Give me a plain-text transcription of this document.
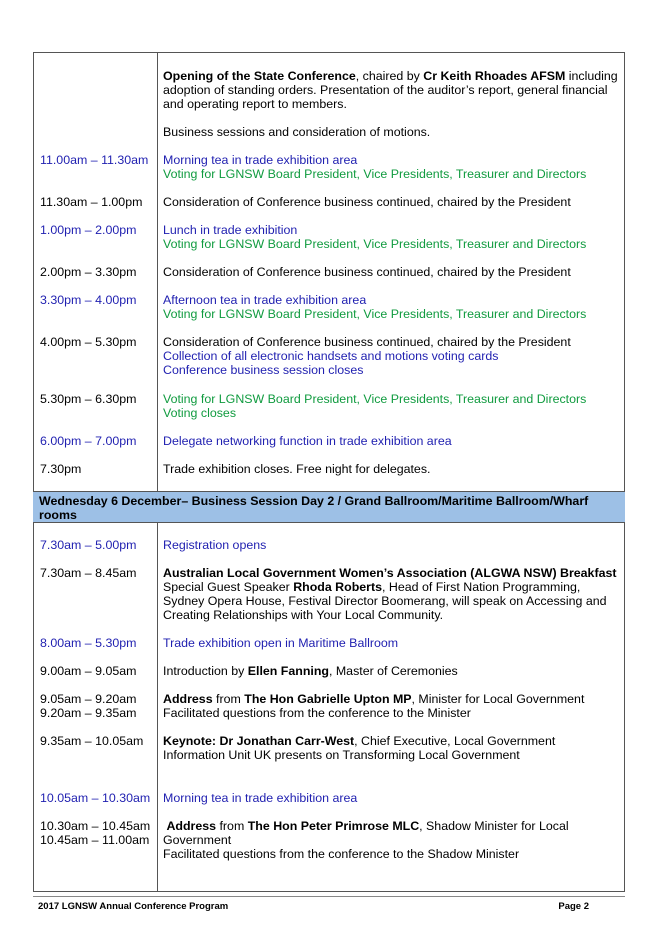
Opening of the State Conference, chaired by Cr Keith Rhoades AFSM including adoption of standing orders. Presentation of the auditor’s report, general financial and operating report to members.

Business sessions and consideration of motions.
11.00am – 11.30am Morning tea in trade exhibition area

Voting for LGNSW Board President, Vice Presidents, Treasurer and Directors

11.30am – 1.00pm Consideration of Conference business continued, chaired by the President

1.00pm – 2.00pm Lunch in trade exhibition

Voting for LGNSW Board President, Vice Presidents, Treasurer and Directors

2.00pm – 3.30pm Consideration of Conference business continued, chaired by the President

3.30pm – 4.00pm Afternoon tea in trade exhibition area

Voting for LGNSW Board President, Vice Presidents, Treasurer and Directors

4.00pm – 5.30pm Consideration of Conference business continued, chaired by the President

Collection of all electronic handsets and motions voting cards

Conference business session closes

5.30pm – 6.30pm Voting for LGNSW Board President, Vice Presidents, Treasurer and Directors

Voting closes

6.00pm – 7.00pm Delegate networking function in trade exhibition area

7.30pm	Trade exhibition closes. Free night for delegates.

Wednesday 6 December– Business Session Day 2 / Grand Ballroom/Maritime Ballroom/Wharf rooms
7.30am – 5.00pm Registration opens
7.30am – 8.45am Australian Local Government Women’s Association (ALGWA NSW) Breakfast

Special Guest Speaker Rhoda Roberts, Head of First Nation Programming, Sydney Opera House, Festival Director Boomerang, will speak on Accessing and Creating Relationships with Your Local Community.

8.00am – 5.30pm Trade exhibition open in Maritime Ballroom
9.00am – 9.05am Introduction by Ellen Fanning, Master of Ceremonies
9.05am – 9.20am
9.20am – 9.35am

Address from The Hon Gabrielle Upton MP, Minister for Local Government

Facilitated questions from the conference to the Minister

9.35am – 10.05am Keynote: Dr Jonathan Carr-West, Chief Executive, Local Government Information Unit UK presents on Transforming Local Government
10.05am – 10.30am Morning tea in trade exhibition area
10.30am – 10.45am
10.45am – 11.00am

Address from The Hon Peter Primrose MLC, Shadow Minister for Local Government

Facilitated questions from the conference to the Shadow Minister

2017 LGNSW Annual Conference Program	Page 2
